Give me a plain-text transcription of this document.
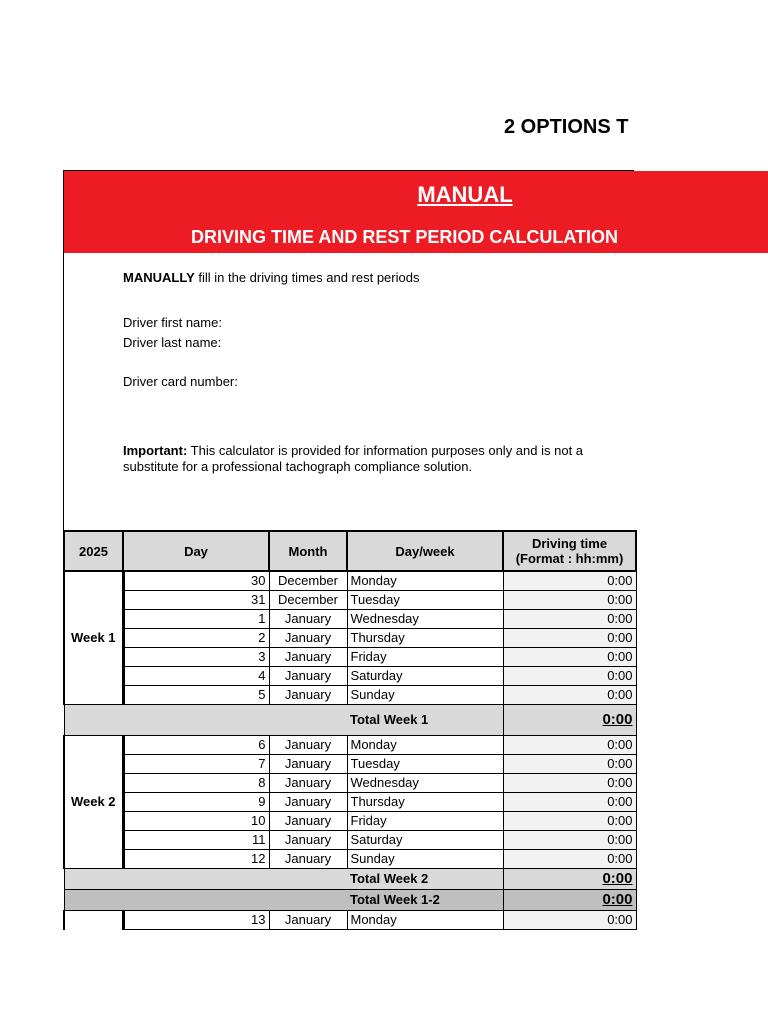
2 OPTIONS T
MANUAL
DRIVING TIME AND REST PERIOD CALCULATION
MANUALLY fill in the driving times and rest periods
Driver first name:
Driver last name:
Driver card number:
Important: This calculator is provided for information purposes only and is not a
substitute for a professional tachograph compliance solution.
2025	Day	Month	Day/week	Driving time
(Format : hh:mm)
Week 1	30	December	Monday	0:00
	31	December	Tuesday	0:00
	1	January	Wednesday	0:00
	2	January	Thursday	0:00
	3	January	Friday	0:00
	4	January	Saturday	0:00
	5	January	Sunday	0:00
			Total Week 1	0:00
Week 2	6	January	Monday	0:00
	7	January	Tuesday	0:00
	8	January	Wednesday	0:00
	9	January	Thursday	0:00
	10	January	Friday	0:00
	11	January	Saturday	0:00
	12	January	Sunday	0:00
			Total Week 2	0:00
			Total Week 1-2	0:00
	13	January	Monday	0:00
